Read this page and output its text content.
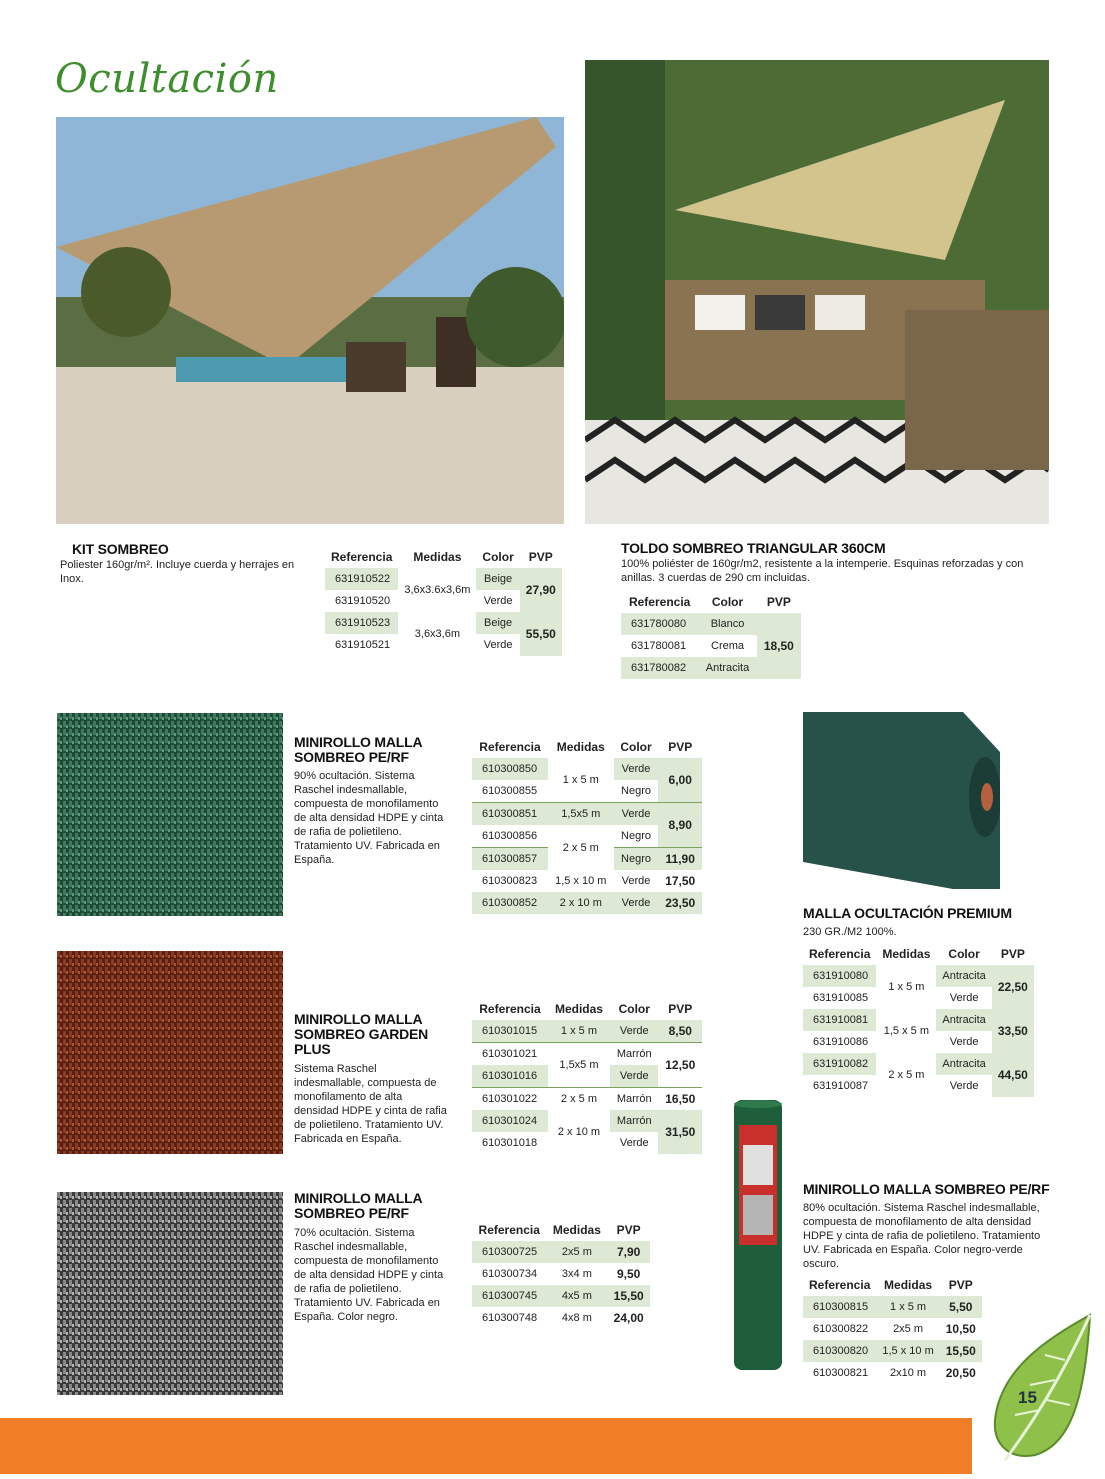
Ocultación
KIT SOMBREO
Poliester 160gr/m². Incluye cuerda y herrajes en Inox.
Referencia	Medidas	Color	PVP
631910522	3,6x3.6x3,6m	Beige	27,90
631910520		Verde	
631910523	3,6x3,6m	Beige	55,50
631910521		Verde	
TOLDO SOMBREO TRIANGULAR 360CM
100% poliéster de 160gr/m2, resistente a la intemperie. Esquinas reforzadas y con anillas. 3 cuerdas de 290 cm incluidas.
Referencia	Color	PVP
631780080	Blanco	18,50
631780081	Crema	
631780082	Antracita	
MINIROLLO MALLA SOMBREO PE/RF
90% ocultación. Sistema Raschel indesmallable, compuesta de monofilamento de alta densidad HDPE y cinta de rafia de polietileno. Tratamiento UV. Fabricada en España.
Referencia	Medidas	Color	PVP
610300850	1 x 5 m	Verde	6,00
610300855		Negro	
610300851	1,5x5 m	Verde	8,90
610300856	2 x 5 m	Negro	
610300857		Negro	11,90
610300823	1,5 x 10 m	Verde	17,50
610300852	2 x 10 m	Verde	23,50
MALLA OCULTACIÓN PREMIUM
230 GR./M2 100%.
Referencia	Medidas	Color	PVP
631910080	1 x 5 m	Antracita	22,50
631910085		Verde	
631910081	1,5 x 5 m	Antracita	33,50
631910086		Verde	
631910082	2 x 5 m	Antracita	44,50
631910087		Verde	
MINIROLLO MALLA SOMBREO GARDEN PLUS
Sistema Raschel indesmallable, compuesta de monofilamento de alta densidad HDPE y cinta de rafia de polietileno. Tratamiento UV. Fabricada en España.
Referencia	Medidas	Color	PVP
610301015	1 x 5 m	Verde	8,50
610301021	1,5x5 m	Marrón	12,50
610301016		Verde	
610301022	2 x 5 m	Marrón	16,50
610301024	2 x 10 m	Marrón	31,50
610301018		Verde	
MINIROLLO MALLA SOMBREO PE/RF
70% ocultación. Sistema Raschel indesmallable, compuesta de monofilamento de alta densidad HDPE y cinta de rafia de polietileno. Tratamiento UV. Fabricada en España. Color negro.
Referencia	Medidas	PVP
610300725	2x5 m	7,90
610300734	3x4 m	9,50
610300745	4x5 m	15,50
610300748	4x8 m	24,00
MINIROLLO MALLA SOMBREO PE/RF
80% ocultación. Sistema Raschel indesmallable, compuesta de monofilamento de alta densidad HDPE y cinta de rafia de polietileno. Tratamiento UV. Fabricada en España. Color negro-verde oscuro.
Referencia	Medidas	PVP
610300815	1 x 5 m	5,50
610300822	2x5 m	10,50
610300820	1,5 x 10 m	15,50
610300821	2x10 m	20,50
15
